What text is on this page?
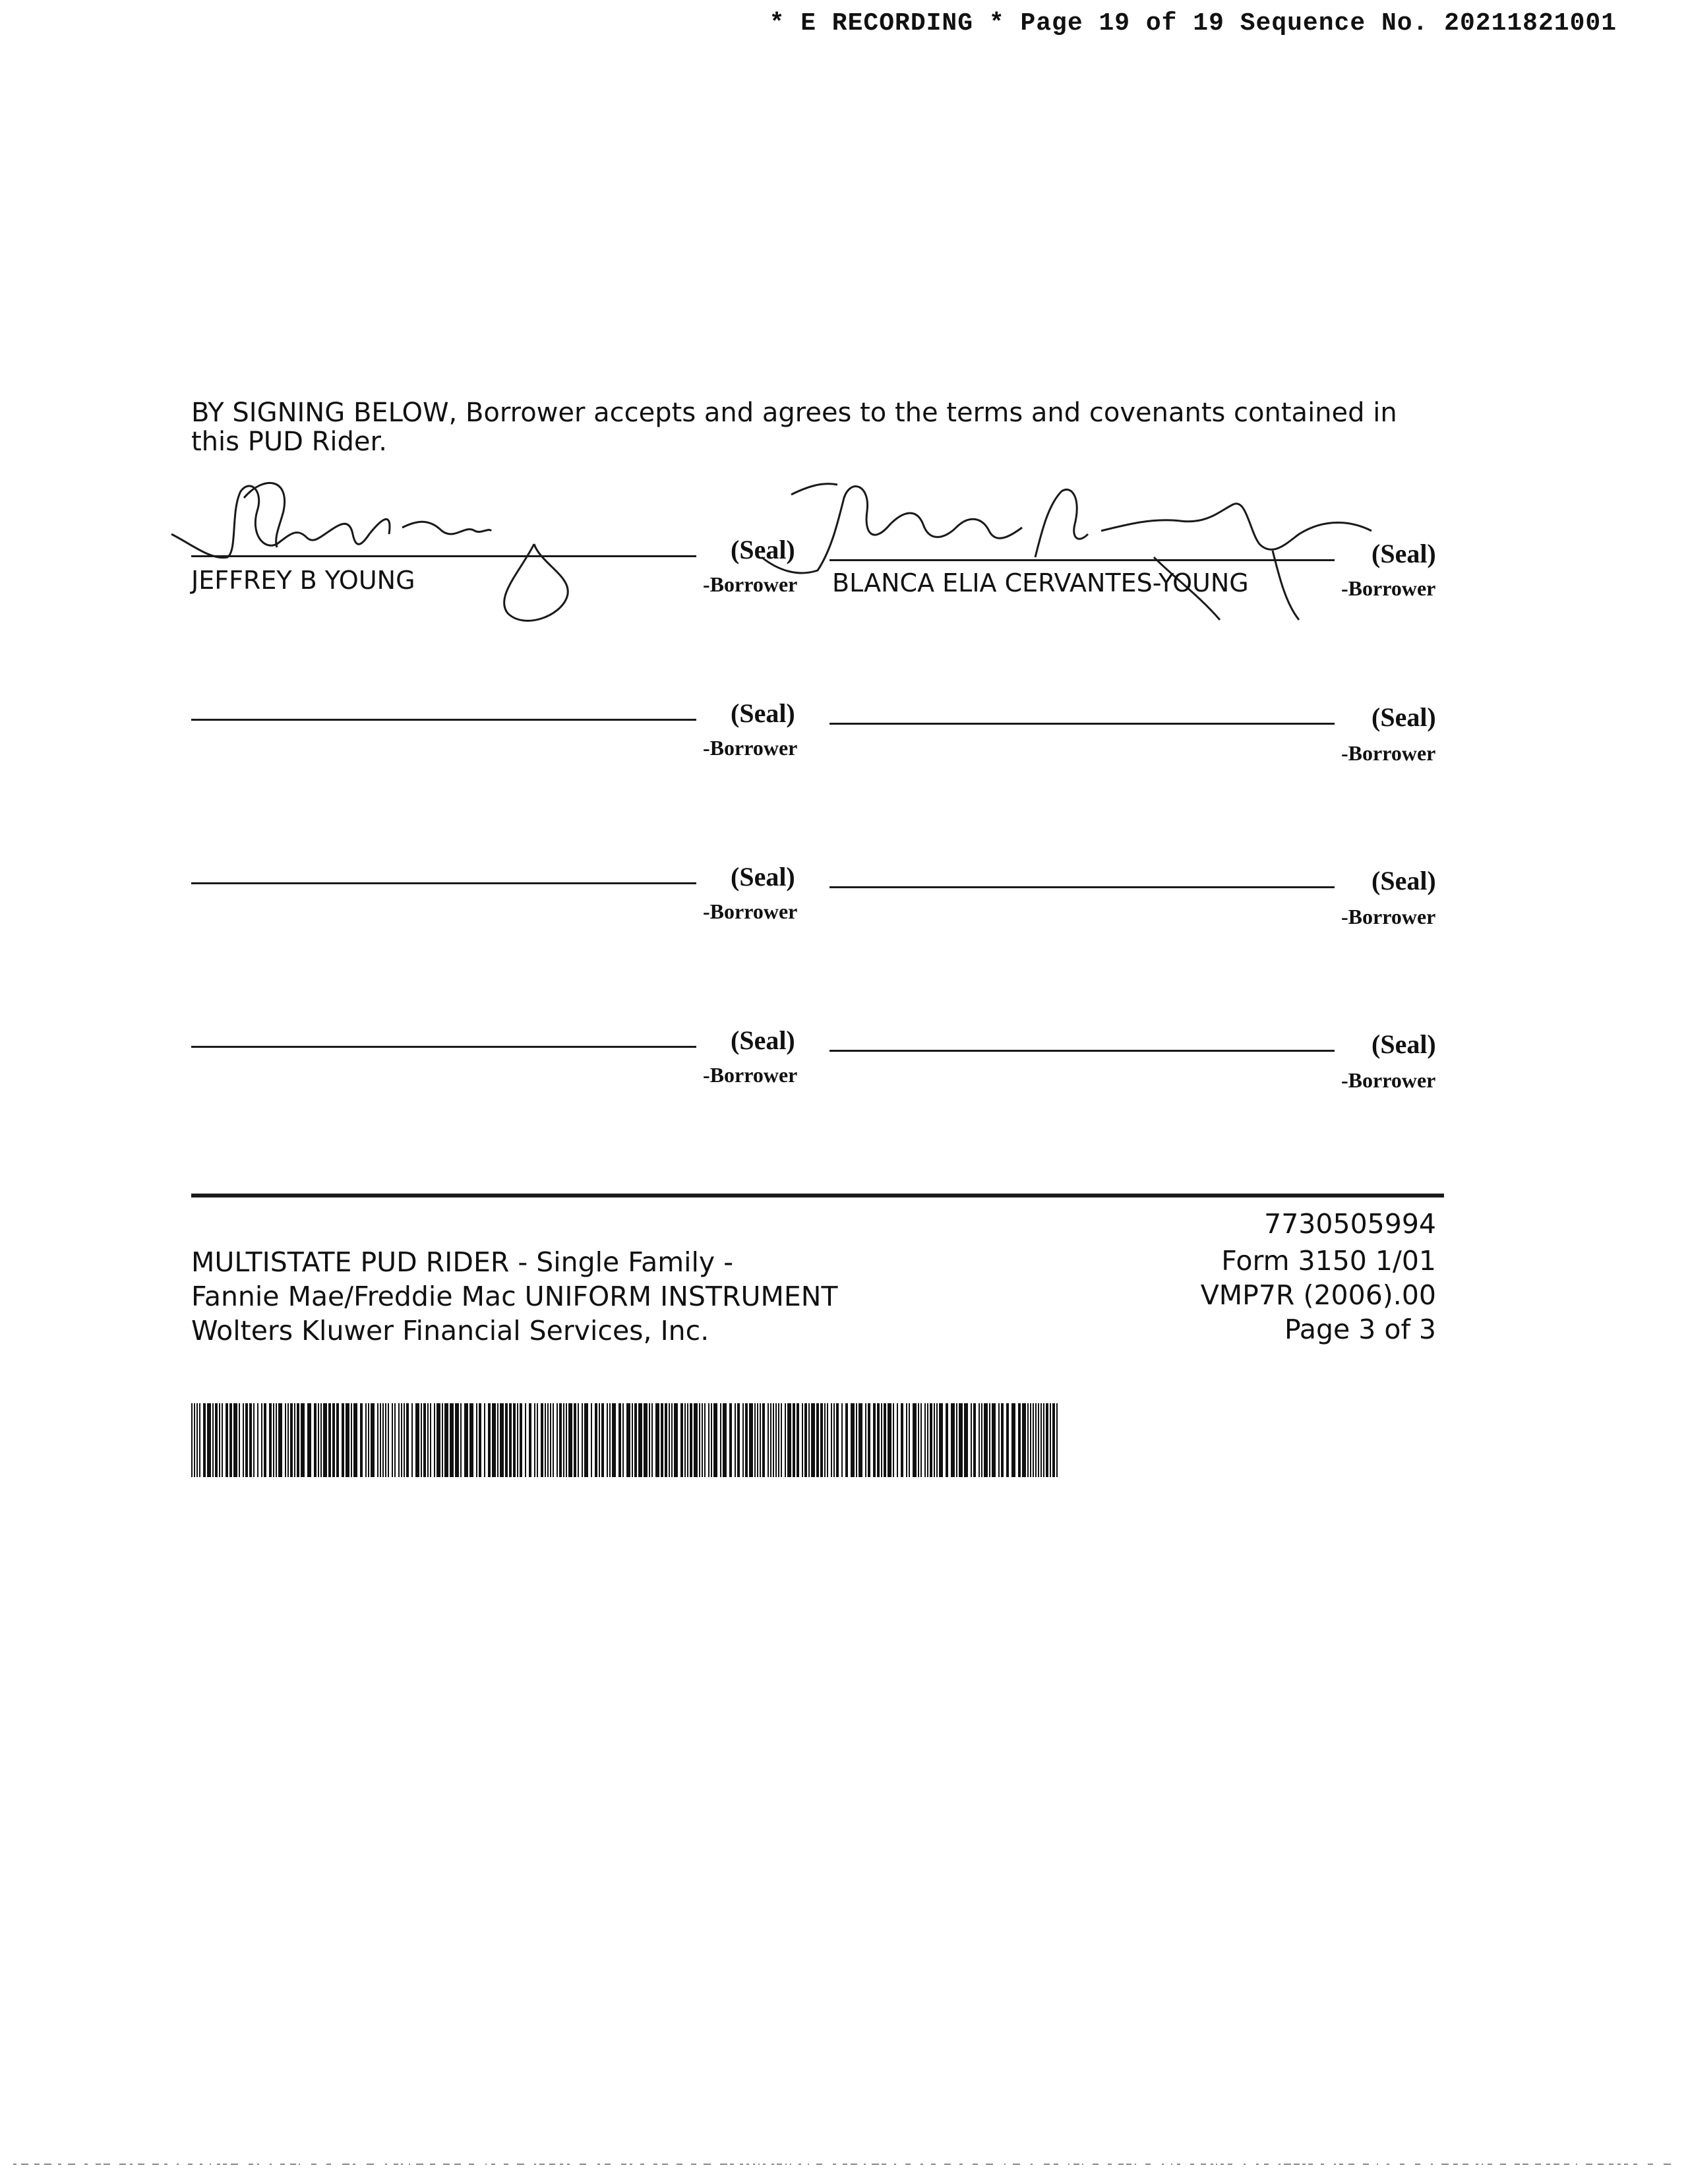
* E RECORDING * Page 19 of 19 Sequence No. 20211821001
BY SIGNING BELOW, Borrower accepts and agrees to the terms and covenants contained in this PUD Rider.
JEFFREY B YOUNG
(Seal)
-Borrower BLANCA ELIA CERVANTES-YOUNG
(Seal)
-Borrower
(Seal)
-Borrower
(Seal)
-Borrower
(Seal)
-Borrower
(Seal)
-Borrower
(Seal)
-Borrower
(Seal)
-Borrower
7730505994
Form 3150 1/01
VMP7R (2006).00
Page 3 of 3
MULTISTATE PUD RIDER - Single Family -
Fannie Mae/Freddie Mac UNIFORM INSTRUMENT
Wolters Kluwer Financial Services, Inc.
